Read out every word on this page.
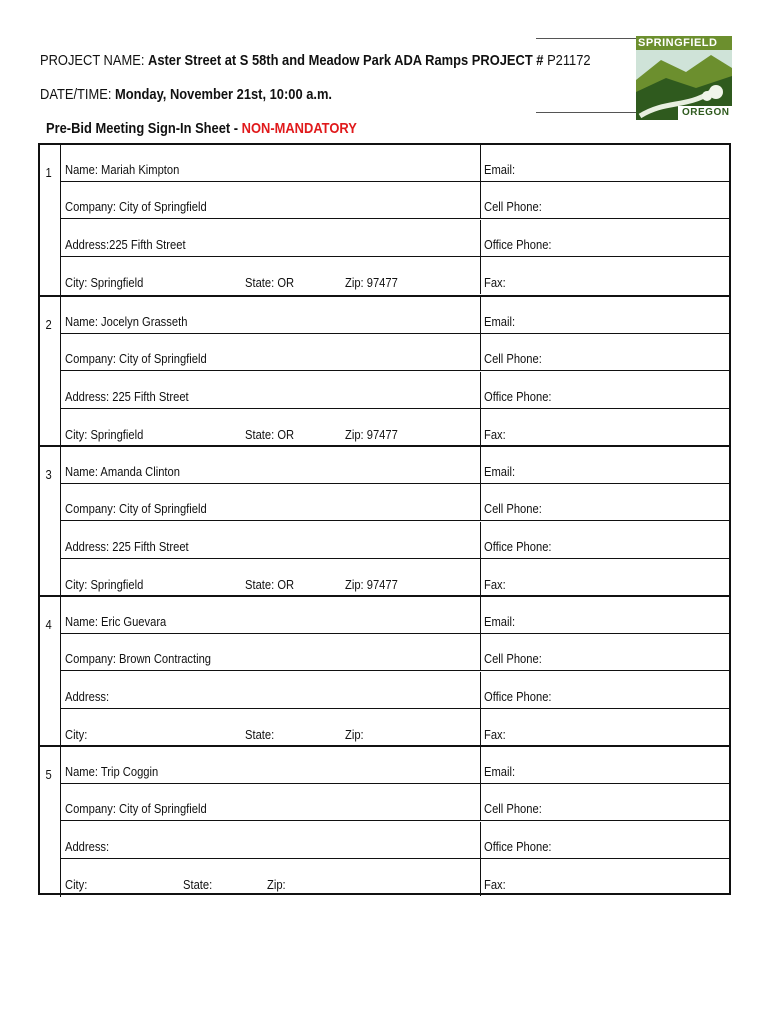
PROJECT NAME: Aster Street at S 58th and Meadow Park ADA Ramps PROJECT # P21172
DATE/TIME: Monday, November 21st, 10:00 a.m.
Pre-Bid Meeting Sign-In Sheet - NON-MANDATORY
SPRINGFIELD
OREGON
1	Name: Mariah Kimpton	Email:
Company: City of Springfield	Cell Phone:
Address:225 Fifth Street	Office Phone:
City: Springfield	State: OR	Zip: 97477	Fax:
2	Name: Jocelyn Grasseth	Email:
Company: City of Springfield	Cell Phone:
Address: 225 Fifth Street	Office Phone:
City: Springfield	State: OR	Zip: 97477	Fax:
3	Name: Amanda Clinton	Email:
Company: City of Springfield	Cell Phone:
Address: 225 Fifth Street	Office Phone:
City: Springfield	State: OR	Zip: 97477	Fax:
4	Name: Eric Guevara	Email:
Company: Brown Contracting	Cell Phone:
Address:	Office Phone:
City:	State:	Zip:	Fax:
5	Name: Trip Coggin	Email:
Company: City of Springfield	Cell Phone:
Address:	Office Phone:
City:	State:	Zip:	Fax:
